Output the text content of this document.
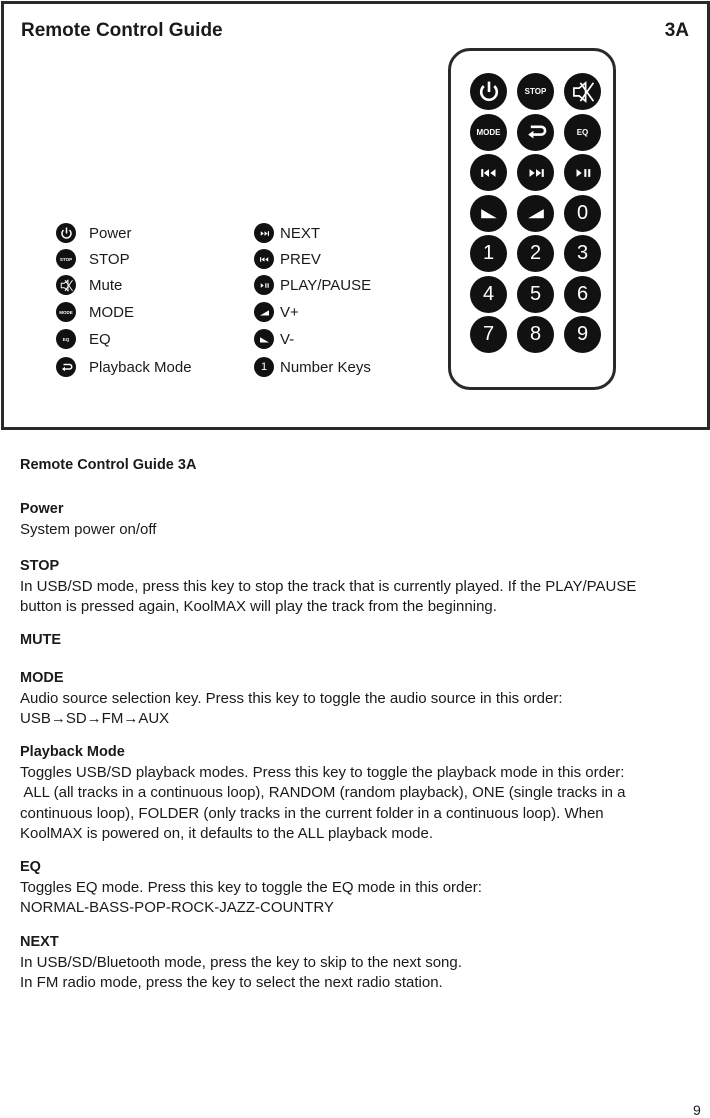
Remote Control Guide	3A
Power
STOP STOP
Mute
MODE MODE
EQ EQ
Playback Mode
NEXT
PREV
PLAY/PAUSE
V+
V-
1 Number Keys
STOP
MODE	EQ
0
1 2 3
4 5 6
7 8 9
Remote Control Guide 3A
Power
System power on/off
STOP
In USB/SD mode, press this key to stop the track that is currently played. If the PLAY/PAUSE
button is pressed again, KoolMAX will play the track from the beginning.
MUTE
MODE
Audio source selection key. Press this key to toggle the audio source in this order:
USB→SD→FM→AUX
Playback Mode
Toggles USB/SD playback modes. Press this key to toggle the playback mode in this order:
ALL (all tracks in a continuous loop), RANDOM (random playback), ONE (single tracks in a
continuous loop), FOLDER (only tracks in the current folder in a continuous loop). When
KoolMAX is powered on, it defaults to the ALL playback mode.
EQ
Toggles EQ mode. Press this key to toggle the EQ mode in this order:
NORMAL-BASS-POP-ROCK-JAZZ-COUNTRY
NEXT
In USB/SD/Bluetooth mode, press the key to skip to the next song.
In FM radio mode, press the key to select the next radio station.
9
